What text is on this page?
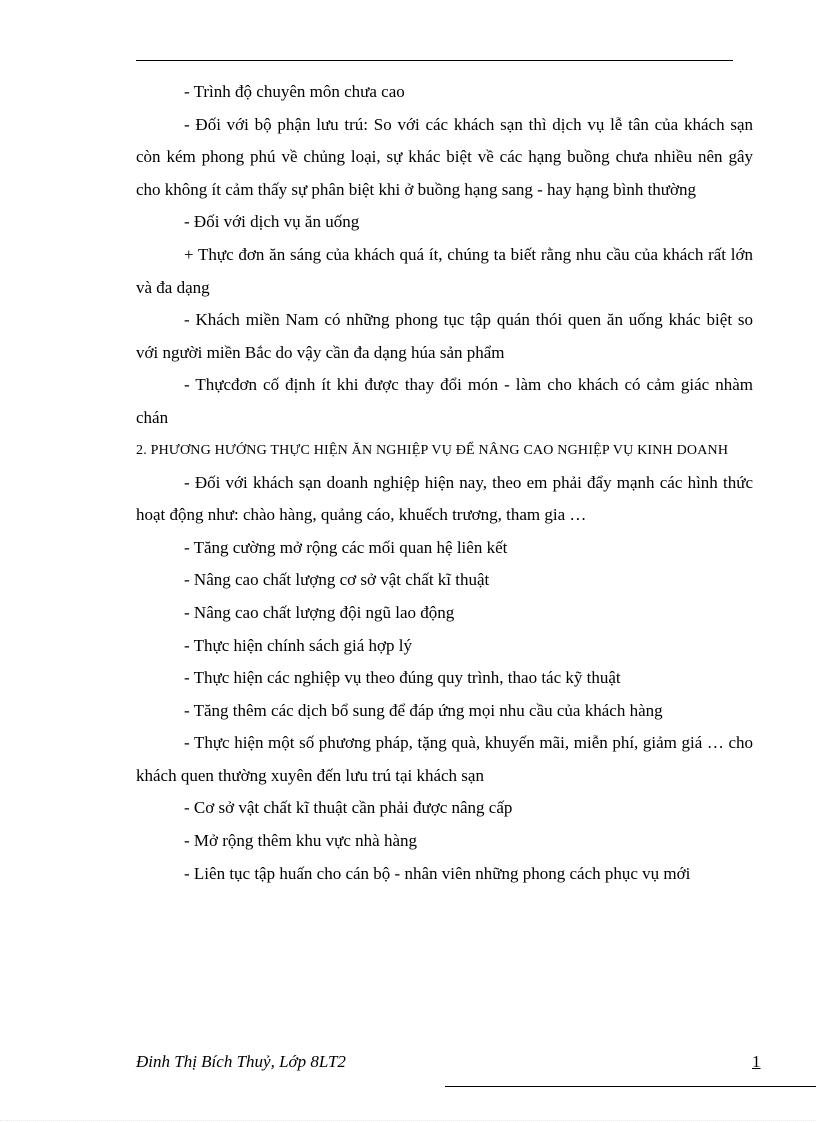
- Trình độ chuyên môn chưa cao

- Đối với bộ phận lưu trú: So với các khách sạn thì dịch vụ lễ tân của khách sạn còn kém phong phú về chủng loại, sự khác biệt về các hạng buồng chưa nhiều nên gây cho không ít cảm thấy sự phân biệt khi ở buồng hạng sang - hay hạng bình thường

- Đối với dịch vụ ăn uống

+ Thực đơn ăn sáng của khách quá ít, chúng ta biết rằng nhu cầu của khách rất lớn và đa dạng

- Khách miền Nam có những phong tục tập quán thói quen ăn uống khác biệt so với người miền Bắc do vậy cần đa dạng húa sản phẩm

- Thựcđơn cố định ít khi được thay đổi món - làm cho khách có cảm giác nhàm chán

2. PHƯƠNG HƯỚNG THỰC HIỆN ĂN NGHIỆP VỤ ĐỂ NÂNG CAO NGHIỆP VỤ KINH DOANH

- Đối với khách sạn doanh nghiệp hiện nay, theo em phải đẩy mạnh các hình thức hoạt động như: chào hàng, quảng cáo, khuếch trương, tham gia …

- Tăng cường mở rộng các mối quan hệ liên kết

- Nâng cao chất lượng cơ sở vật chất kĩ thuật

- Nâng cao chất lượng đội ngũ lao động

- Thực hiện chính sách giá hợp lý

- Thực hiện các nghiệp vụ theo đúng quy trình, thao tác kỹ thuật

- Tăng thêm các dịch bổ sung để đáp ứng mọi nhu cầu của khách hàng

- Thực hiện một số phương pháp, tặng quà, khuyến mãi, miễn phí, giảm giá … cho khách quen thường xuyên đến lưu trú tại khách sạn

- Cơ sở vật chất kĩ thuật cần phải được nâng cấp

- Mở rộng thêm khu vực nhà hàng

- Liên tục tập huấn cho cán bộ - nhân viên những phong cách phục vụ mới

Đinh Thị Bích Thuỷ, Lớp 8LT2	1
